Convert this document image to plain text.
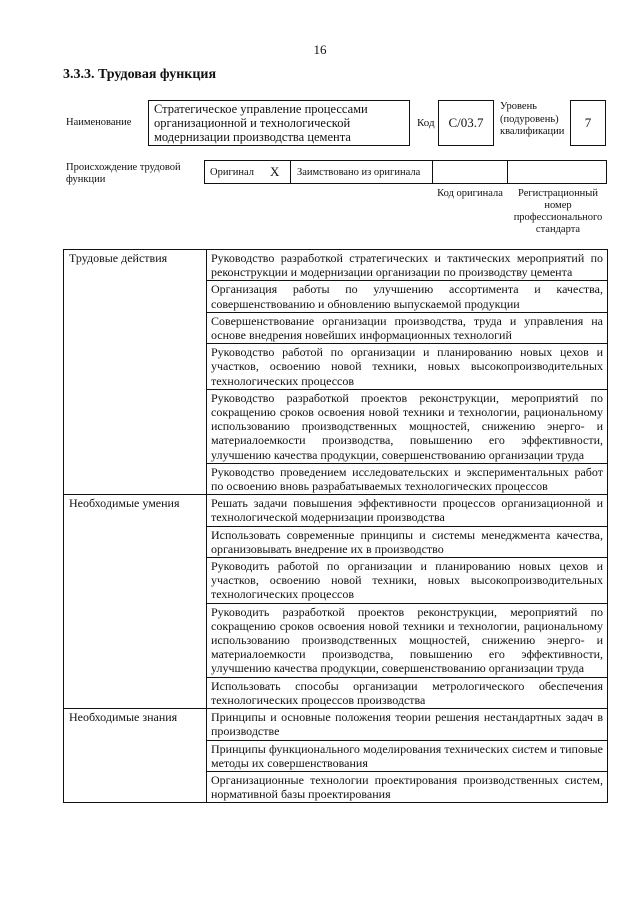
16
3.3.3. Трудовая функция
Наименование
Стратегическое управление процессами организационной и технологической модернизации производства цемента
Код	C/03.7
Уровень (подуровень) квалификации
7
Происхождение трудовой функции
Оригинал X Заимствовано из оригинала
Код оригинала	Регистрационный номер профессионального стандарта
Трудовые действия	Руководство разработкой стратегических и тактических мероприятий по реконструкции и модернизации организации по производству цемента
	Организация работы по улучшению ассортимента и качества, совершенствованию и обновлению выпускаемой продукции
	Совершенствование организации производства, труда и управления на основе внедрения новейших информационных технологий
	Руководство работой по организации и планированию новых цехов и участков, освоению новой техники, новых высокопроизводительных технологических процессов
	Руководство разработкой проектов реконструкции, мероприятий по сокращению сроков освоения новой техники и технологии, рациональному использованию производственных мощностей, снижению энерго- и материалоемкости производства, повышению его эффективности, улучшению качества продукции, совершенствованию организации труда
	Руководство проведением исследовательских и экспериментальных работ по освоению вновь разрабатываемых технологических процессов
Необходимые умения	Решать задачи повышения эффективности процессов организационной и технологической модернизации производства
	Использовать современные принципы и системы менеджмента качества, организовывать внедрение их в производство
	Руководить работой по организации и планированию новых цехов и участков, освоению новой техники, новых высокопроизводительных технологических процессов
	Руководить разработкой проектов реконструкции, мероприятий по сокращению сроков освоения новой техники и технологии, рациональному использованию производственных мощностей, снижению энерго- и материалоемкости производства, повышению его эффективности, улучшению качества продукции, совершенствованию организации труда
	Использовать способы организации метрологического обеспечения технологических процессов производства
Необходимые знания	Принципы и основные положения теории решения нестандартных задач в производстве
	Принципы функционального моделирования технических систем и типовые методы их совершенствования
	Организационные технологии проектирования производственных систем, нормативной базы проектирования
